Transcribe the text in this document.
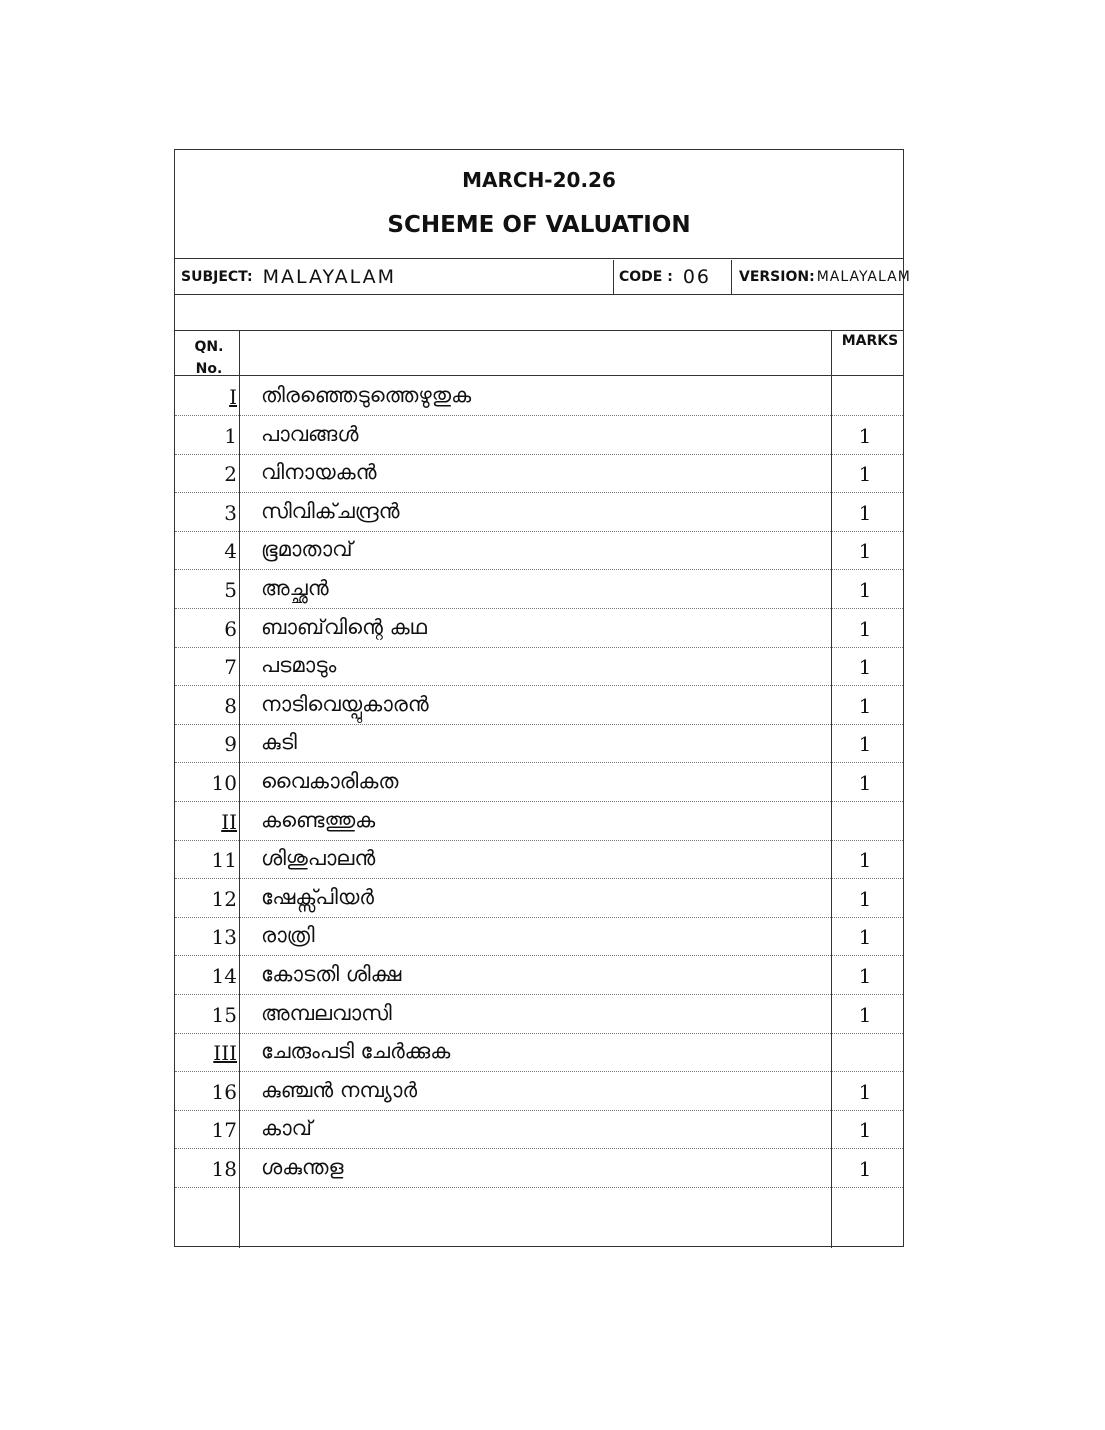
MARCH-20.26
SCHEME OF VALUATION
SUBJECT: MALAYALAM	CODE : 06 VERSION: MALAYALAM
QN. No.
MARKS
I തിരഞ്ഞെടുത്തെഴുതുക
1 പാവങ്ങൾ	1
2 വിനായകൻ	1
3 സിവിക്‌ചന്ദ്രൻ	1
4 ഭൂമാതാവ്	1
5 അച്ഛൻ	1
6 ബാബ്‌വിന്റെ കഥ	1
7 പടമാടും	1
8 നാടിവെയ്പുകാരൻ	1
9 കുടി	1
10 വൈകാരികത	1
II കണ്ടെത്തുക
11 ശിശുപാലൻ	1
12 ഷേക്സ്പിയർ	1
13 രാത്രി	1
14 കോടതി ശിക്ഷ	1
15 അമ്പലവാസി	1
III ചേരുംപടി ചേർക്കുക
16 കുഞ്ചൻ നമ്പ്യാർ	1
17 കാവ്	1
18 ശകുന്തള	1
